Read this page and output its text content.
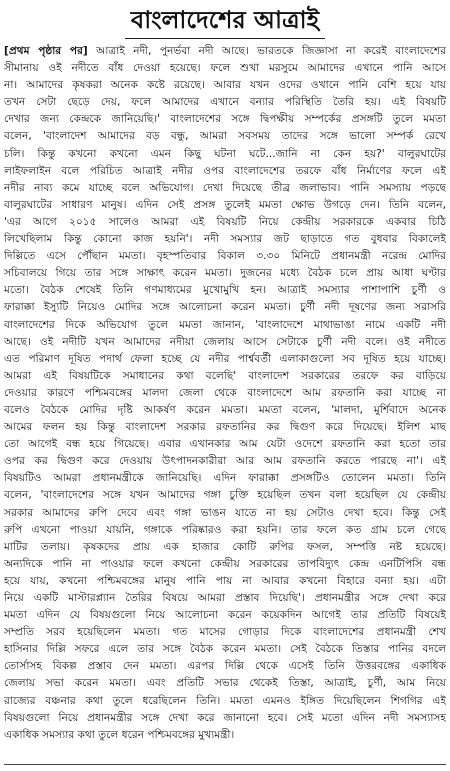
বাংলাদেশের আত্রাই
[প্রথম পৃষ্ঠার পর] আত্রাই নদী, পুনর্ভবা নদী আছে। ভারতকে জিজ্ঞাসা না করেই বাংলাদেশের
সীমানায় ওই নদীতে বাঁধ দেওয়া হয়েছে। ফলে শুখা মরসুমে আমাদের এখানে পানি আসে
না। আমাদের কৃষকরা অনেক কষ্টে রয়েছে। আবার যখন ওদের ওখানে পানি বেশি হয়ে যায়
তখন সেটা ছেড়ে দেয়, ফলে আমাদের এখানে বন্যার পরিস্থিতি তৈরি হয়। এই বিষয়টি
দেখার জন্য কেন্দ্রকে জানিয়েছি।' বাংলাদেশের সঙ্গে দ্বিপক্ষীয় সম্পর্কের প্রসঙ্গটি তুলে মমতা
বলেন, 'বাংলাদেশ আমাদের বড় বন্ধু, আমরা সবসময় তাদের সঙ্গে ভালো সম্পর্ক রেখে
চলি। কিন্তু কখনো কখনো এমন কিছু ঘটনা ঘটে...জানি না কেন হয়?' বালুরঘাটের
লাইফলাইন বলে পরিচিত আত্রাই নদীর ওপর বাংলাদেশের তরফে বাঁধ নির্মাণের ফলে এই
নদীর নাব্য কমে যাচ্ছে বলে অভিযোগ। দেখা দিয়েছে তীব্র জলাভাব। পানি সমস্যায় পড়ছে
বালুরঘাটের সাধারণ মানুষ। এদিন সেই প্রসঙ্গ তুলেই মমতা ক্ষোভ উগড়ে দেন। তিনি বলেন,
'এর আগে ২০১৫ সালেও আমরা এই বিষয়টি নিয়ে কেন্দ্রীয় সরকারকে একবার চিঠি
লিখেছিলাম কিন্তু কোনো কাজ হয়নি'। নদী সমস্যার জট ছাড়াতে গত বুধবার বিকালেই
দিল্লিতে এসে পৌঁছান মমতা। বৃহস্পতিবার বিকাল ৩.৩০ মিনিটে প্রধানমন্ত্রী নরেন্দ্র মোদির
সচিবালয়ে গিয়ে তার সঙ্গে সাক্ষাৎ করেন মমতা। দুজনের মধ্যে বৈঠক চলে প্রায় আধা ঘণ্টার
মতো। বৈঠক শেষেই তিনি গণমাধ্যমের মুখোমুখি হন। আত্রাই সমস্যার পাশাপাশি চুর্ণী ও
ফারাক্কা ইস্যুটি নিয়েও মোদির সঙ্গে আলোচনা করেন মমতা। চুর্ণী নদী দূষণের জন্য সরাসরি
বাংলাদেশের দিকে অভিযোগ তুলে মমতা জানান, 'বাংলাদেশে মাথাভাঙা নামে একটি নদী
আছে। ওই নদীটি যখন আমাদের নদীয়া জেলায় আসে সেটাকে চুর্ণী নদী বলে। ওই নদীতে
এত পরিমাণ দূষিত পদার্থ ফেলা হচ্ছে যে নদীর পার্শ্ববর্তী এলাকাগুলো সব দূষিত হয়ে যাচ্ছে।
আমরা এই বিষয়টিকে সমাধানের কথা বলেছি' বাংলাদেশ সরকারের তরফে কর বাড়িয়ে
দেওয়ার কারণে পশ্চিমবঙ্গের মালদা জেলা থেকে বাংলাদেশে আম রফতানি করা যাচ্ছে না
বলেও বৈঠকে মোদির দৃষ্টি আকর্ষণ করেন মমতা। মমতা বলেন, 'মালদা, মুর্শিবাদে অনেক
আমের ফলন হয় কিন্তু বাংলাদেশ সরকার রফতানির কর দ্বিগুণ করে দিয়েছে। ইলিশ মাছ
তো আগেই বন্ধ হয়ে গিয়েছে। এবার এখানকার আম যেটা ওদেশে রফতানি করা হতো তার
ওপর কর দ্বিগুণ করে দেওয়ায় উৎপাদনকারীরা আর আম রফতানি করতে পারছে না'। এই
বিষয়টিও আমরা প্রধানমন্ত্রীকে জানিয়েছি। এদিন ফারাক্কা প্রসঙ্গটিও তোলেন মমতা। তিনি
বলেন, 'বাংলাদেশের সঙ্গে যখন আমাদের গঙ্গা চুক্তি হয়েছিল তখন বলা হয়েছিল যে কেন্দ্রীয়
সরকার আমাদের রুপি দেবে এবং গঙ্গা ভাঙন যাতে না হয় সেটাও দেখা হবে। কিন্তু সেই
রুপি এখনো পাওয়া যায়নি, গঙ্গাকে পরিষ্কারও করা হয়নি। তার ফলে কত গ্রাম চলে গেছে
মাটির তলায়। কৃষকদের প্রায় এক হাজার কোটি রুপির ফসল, সম্পত্তি নষ্ট হয়েছে।
অন্যদিকে পানি না পাওয়ার ফলে কখনো কেন্দ্রীয় সরকারের তাপবিদ্যুৎ কেন্দ্র এনটিপিসি বন্ধ
হয়ে যায়, কখনো পশ্চিমবঙ্গের মানুষ পানি পায় না আবার কখনো বিহারে বন্যা হয়। এটা
নিয়ে একটি মাস্টারপ্ল্যান তৈরির বিষয়ে আমরা প্রস্তাব দিয়েছি'। প্রধানমন্ত্রীর সঙ্গে দেখা করে
মমতা এদিন যে বিষয়গুলো নিয়ে আলোচনা করেন কয়েকদিন আগেই তার প্রতিটি বিষয়েই
সম্প্রতি সরব হয়েছিলেন মমতা। গত মাসের গোড়ার দিকে বাংলাদেশের প্রধানমন্ত্রী শেখ
হাসিনার দিল্লি সফরে এলে তার সঙ্গে বৈঠক করেন মমতা। সেই বৈঠকে তিস্তার পানির বদলে
তোর্সাসহ বিকল্প প্রস্তাব দেন মমতা। এরপর দিল্লি থেকে এসেই তিনি উত্তরবঙ্গের একাধিক
জেলায় সভা করেন মমতা। এবং প্রতিটি সভার থেকেই তিস্তা, আত্রাই, চুর্ণী, আম নিয়ে
রাজ্যের বঞ্চনার কথা তুলে ধরেছিলেন তিনি। মমতা এমনও ইঙ্গিত দিয়েছিলেন শিগগির এই
বিষয়গুলো নিয়ে প্রধানমন্ত্রীর সঙ্গে দেখা করে জানানো হবে। সেই মতো এদিন নদী সমস্যাসহ
একাধিক সমস্যার কথা তুলে ধরেন পশ্চিমবঙ্গের মুখ্যমন্ত্রী।
